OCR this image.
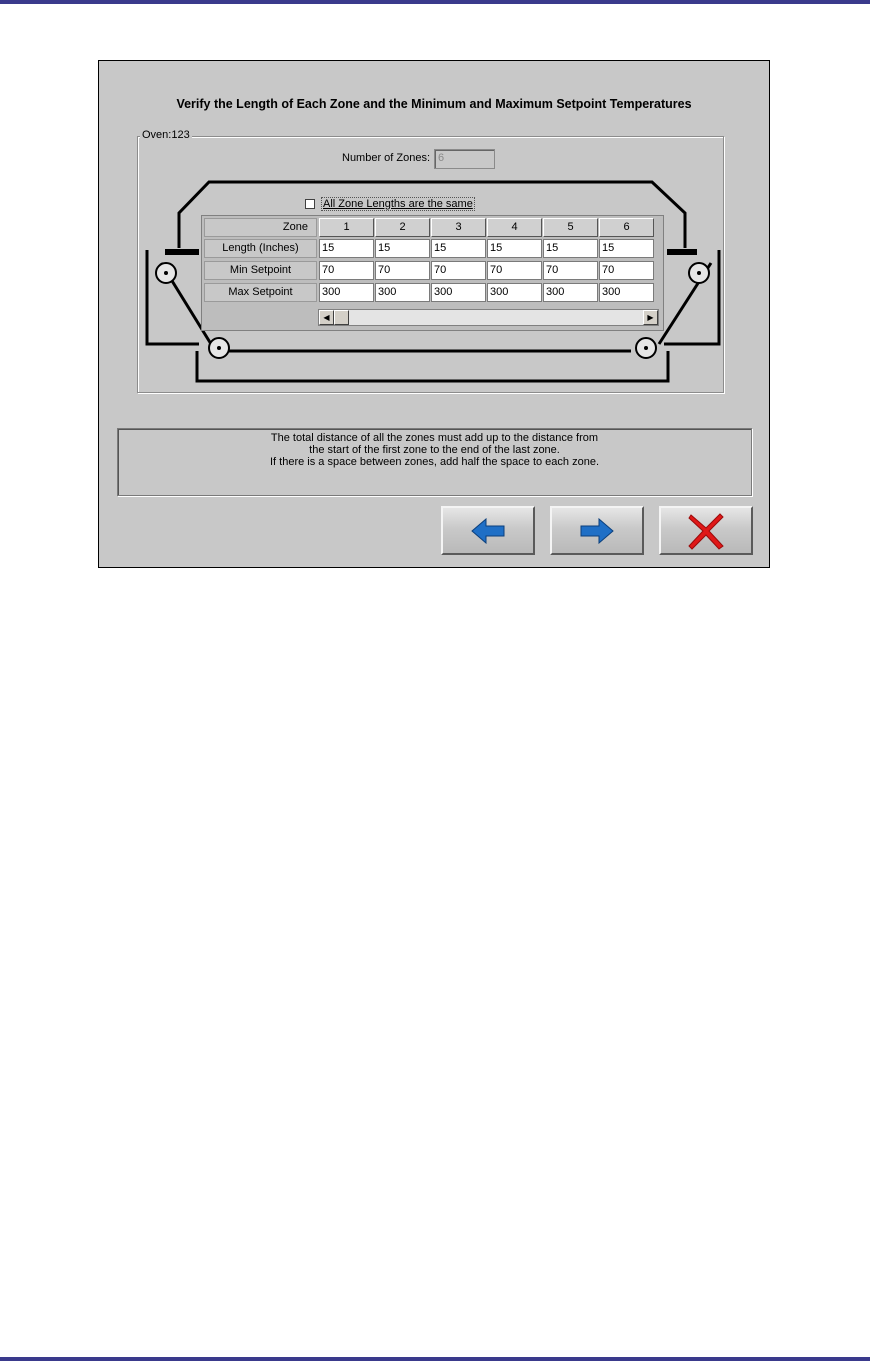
Verify the Length of Each Zone and the Minimum and Maximum Setpoint Temperatures
Oven:123
Number of Zones: 6
All Zone Lengths are the same
Zone	1	2	3	4	5	6
Length (Inches)	15	15	15	15	15	15
Min Setpoint	70	70	70	70	70	70
Max Setpoint	300	300	300	300	300	300
◀	▶
The total distance of all the zones must add up to the distance from
the start of the first zone to the end of the last zone.
If there is a space between zones, add half the space to each zone.
